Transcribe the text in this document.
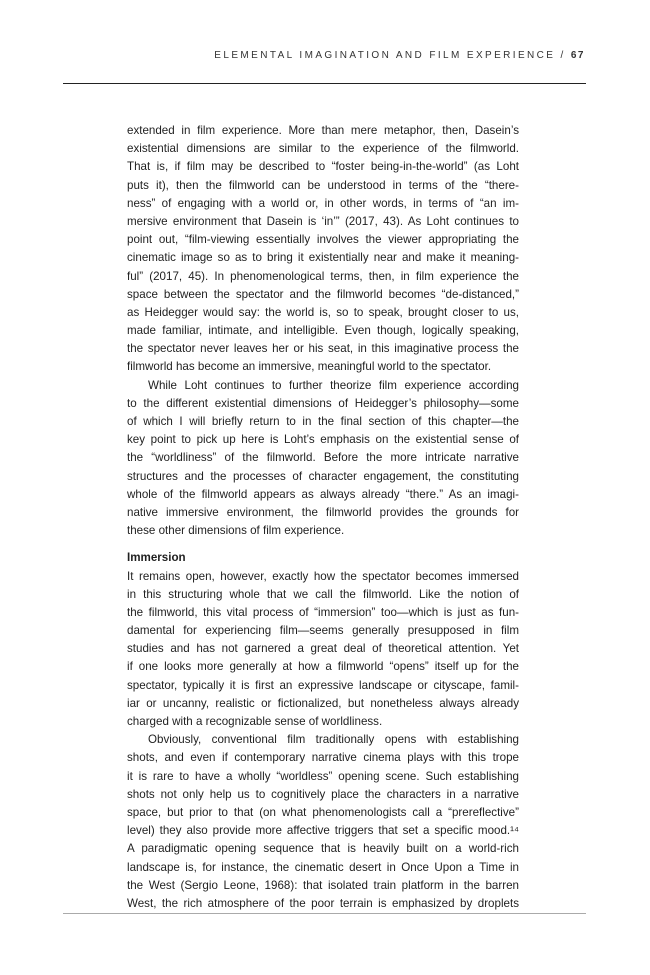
ELEMENTAL IMAGINATION AND FILM EXPERIENCE / 67
extended in film experience. More than mere metaphor, then, Dasein’s
existential dimensions are similar to the experience of the filmworld.
That is, if film may be described to “foster being-in-the-world” (as Loht
puts it), then the filmworld can be understood in terms of the “there-
ness” of engaging with a world or, in other words, in terms of “an im-
mersive environment that Dasein is ‘in’” (2017, 43). As Loht continues to
point out, “film-viewing essentially involves the viewer appropriating the
cinematic image so as to bring it existentially near and make it meaning-
ful” (2017, 45). In phenomenological terms, then, in film experience the
space between the spectator and the filmworld becomes “de-distanced,”
as Heidegger would say: the world is, so to speak, brought closer to us,
made familiar, intimate, and intelligible. Even though, logically speaking,
the spectator never leaves her or his seat, in this imaginative process the
filmworld has become an immersive, meaningful world to the spectator.
While Loht continues to further theorize film experience according
to the different existential dimensions of Heidegger’s philosophy—some
of which I will briefly return to in the final section of this chapter—the
key point to pick up here is Loht’s emphasis on the existential sense of
the “worldliness” of the filmworld. Before the more intricate narrative
structures and the processes of character engagement, the constituting
whole of the filmworld appears as always already “there.” As an imagi-
native immersive environment, the filmworld provides the grounds for
these other dimensions of film experience.
Immersion
It remains open, however, exactly how the spectator becomes immersed
in this structuring whole that we call the filmworld. Like the notion of
the filmworld, this vital process of “immersion” too—which is just as fun-
damental for experiencing film—seems generally presupposed in film
studies and has not garnered a great deal of theoretical attention. Yet
if one looks more generally at how a filmworld “opens” itself up for the
spectator, typically it is first an expressive landscape or cityscape, famil-
iar or uncanny, realistic or fictionalized, but nonetheless always already
charged with a recognizable sense of worldliness.
Obviously, conventional film traditionally opens with establishing
shots, and even if contemporary narrative cinema plays with this trope
it is rare to have a wholly “worldless” opening scene. Such establishing
shots not only help us to cognitively place the characters in a narrative
space, but prior to that (on what phenomenologists call a “prereflective”
level) they also provide more affective triggers that set a specific mood.¹⁴
A paradigmatic opening sequence that is heavily built on a world-rich
landscape is, for instance, the cinematic desert in Once Upon a Time in
the West (Sergio Leone, 1968): that isolated train platform in the barren
West, the rich atmosphere of the poor terrain is emphasized by droplets
